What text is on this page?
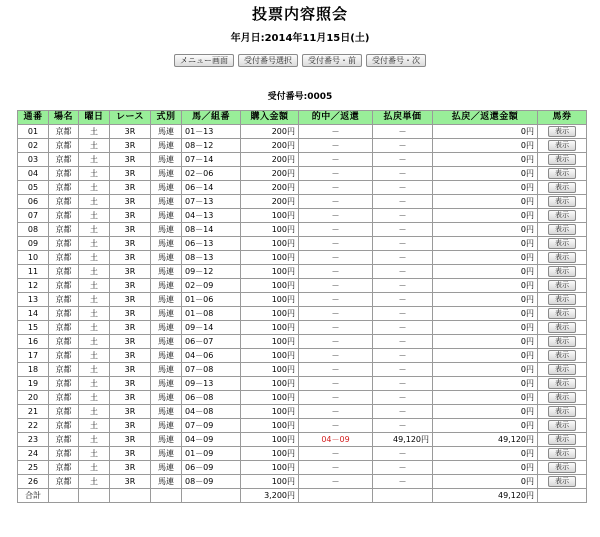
投票内容照会
年月日:2014年11月15日(土)
メニュー画面	受付番号選択	受付番号・前	受付番号・次
受付番号:0005
通番	場名	曜日	レース	式別	馬／組番	購入金額	的中／返還	払戻単価	払戻／返還金額	馬券
01	京都	土	3R	馬連	01－13	200円	－	－	0円	表示
02	京都	土	3R	馬連	08－12	200円	－	－	0円	表示
03	京都	土	3R	馬連	07－14	200円	－	－	0円	表示
04	京都	土	3R	馬連	02－06	200円	－	－	0円	表示
05	京都	土	3R	馬連	06－14	200円	－	－	0円	表示
06	京都	土	3R	馬連	07－13	200円	－	－	0円	表示
07	京都	土	3R	馬連	04－13	100円	－	－	0円	表示
08	京都	土	3R	馬連	08－14	100円	－	－	0円	表示
09	京都	土	3R	馬連	06－13	100円	－	－	0円	表示
10	京都	土	3R	馬連	08－13	100円	－	－	0円	表示
11	京都	土	3R	馬連	09－12	100円	－	－	0円	表示
12	京都	土	3R	馬連	02－09	100円	－	－	0円	表示
13	京都	土	3R	馬連	01－06	100円	－	－	0円	表示
14	京都	土	3R	馬連	01－08	100円	－	－	0円	表示
15	京都	土	3R	馬連	09－14	100円	－	－	0円	表示
16	京都	土	3R	馬連	06－07	100円	－	－	0円	表示
17	京都	土	3R	馬連	04－06	100円	－	－	0円	表示
18	京都	土	3R	馬連	07－08	100円	－	－	0円	表示
19	京都	土	3R	馬連	09－13	100円	－	－	0円	表示
20	京都	土	3R	馬連	06－08	100円	－	－	0円	表示
21	京都	土	3R	馬連	04－08	100円	－	－	0円	表示
22	京都	土	3R	馬連	07－09	100円	－	－	0円	表示
23	京都	土	3R	馬連	04－09	100円	04－09	49,120円	49,120円	表示
24	京都	土	3R	馬連	01－09	100円	－	－	0円	表示
25	京都	土	3R	馬連	06－09	100円	－	－	0円	表示
26	京都	土	3R	馬連	08－09	100円	－	－	0円	表示
合計						3,200円			49,120円	
